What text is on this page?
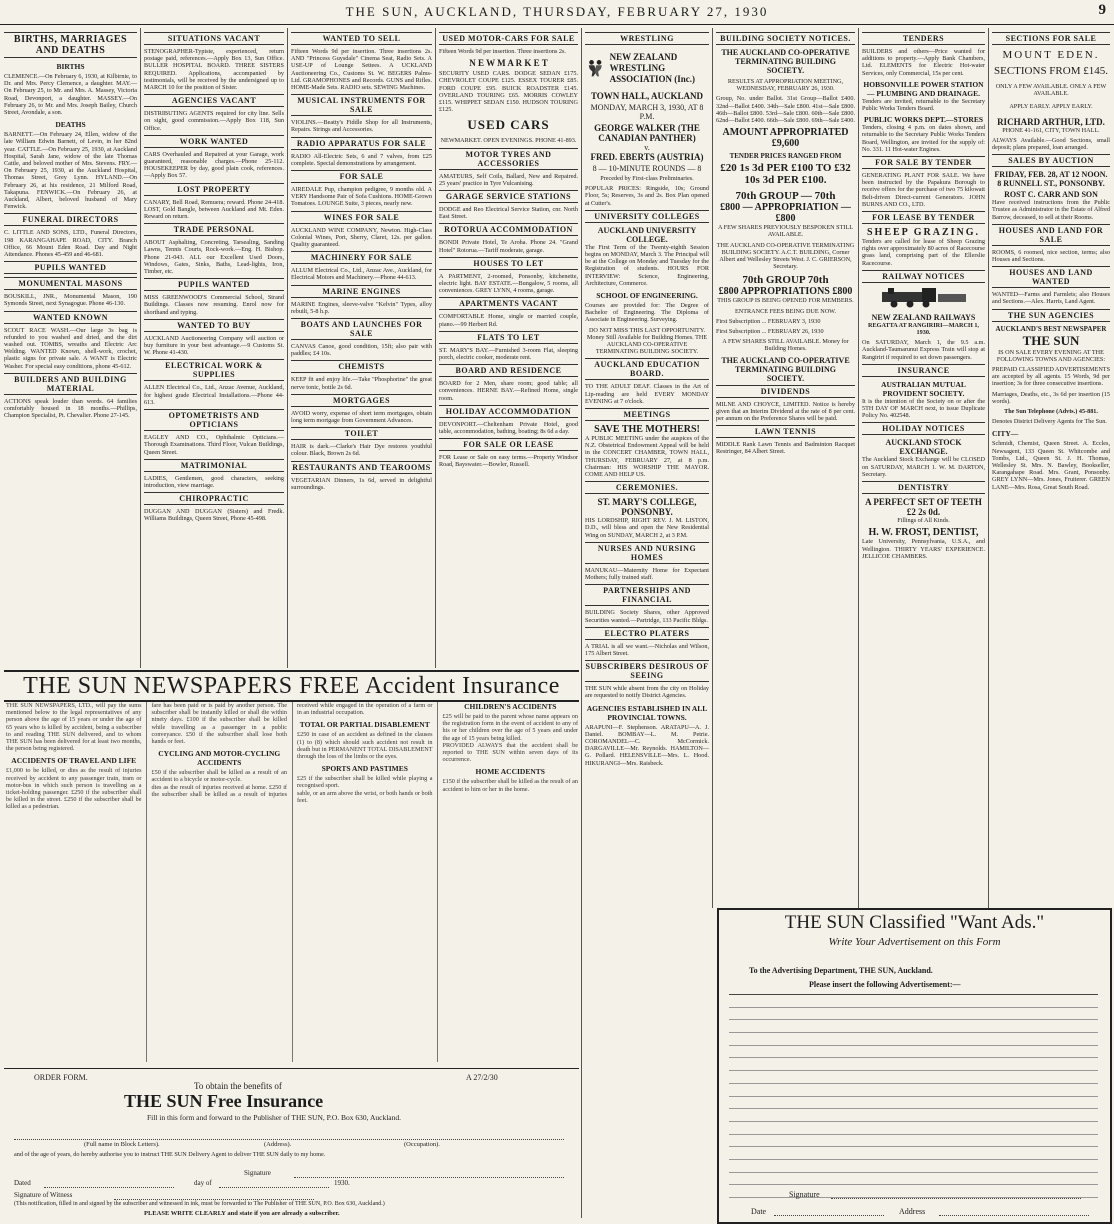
THE SUN, AUCKLAND, THURSDAY, FEBRUARY 27, 1930	9
BIRTHS, MARRIAGES AND DEATHS
BIRTHS
CLEMENCE.—On February 6, 1930, at Kilbirnie, to Dr. and Mrs. Percy Clemence, a daughter. MAY.—On February 25, to Mr. and Mrs. A. Massey, Victoria Road, Devonport, a daughter. MASSEY.—On February 26, to Mr. and Mrs. Joseph Bailey, Church Street, Avondale, a son.
DEATHS
BARNETT.—On February 24, Ellen, widow of the late William Edwin Barnett, of Levin, in her 82nd year. CATTLE.—On February 25, 1930, at Auckland Hospital, Sarah Jane, widow of the late Thomas Cattle, and beloved mother of Mrs. Stevens. FRY.—On February 25, 1930, at the Auckland Hospital, Thomas Street, Grey Lynn. HYLAND.—On February 26, at his residence, 21 Milford Road, Takapuna. FENWICK.—On February 26, at Auckland, Albert, beloved husband of Mary Fenwick.
FUNERAL DIRECTORS
C. LITTLE AND SONS, LTD., Funeral Directors, 198 KARANGAHAPE ROAD, CITY. Branch Office, 66 Mount Eden Road. Day and Night Attendance. Phones 45-459 and 46-681.
PUPILS WANTED
MONUMENTAL MASONS
BOUSKILL, JNR., Monumental Mason, 190 Symonds Street, next Synagogue. Phone 46-130.
WANTED KNOWN
SCOUT RACE WASH.—Our large 3s bag is refunded to you washed and dried, and the dirt washed out. TOMBS, wreaths and Electric Arc Welding. WANTED Known, shell-work, crochet, plastic signs for private sale. A WANT is Electric Washer. For special easy conditions, phone 45-612.
BUILDERS AND BUILDING MATERIAL
ACTIONS speak louder than words. 64 families comfortably housed in 18 months.—Phillips, Champion Specialist, Pt. Chevalier. Phone 27-145.
SITUATIONS VACANT
STENOGRAPHER-Typiste, experienced, return postage paid, references.—Apply Box 13, Sun Office. BULLER HOSPITAL BOARD. THREE SISTERS REQUIRED. Applications, accompanied by testimonials, will be received by the undersigned up to MARCH 10 for the position of Sister.
AGENCIES VACANT
DISTRIBUTING AGENTS required for city line. Sells on sight, good commission.—Apply Box 118, Sun Office.
WORK WANTED
CARS Overhauled and Repaired at your Garage, work guaranteed, reasonable charges.—Phone 25-112. HOUSEKEEPER by day, good plain cook, references.—Apply Box 57.
LOST PROPERTY
CANARY, Bell Road, Remuera; reward. Phone 24-418. LOST, Gold Bangle, between Auckland and Mt. Eden. Reward on return.
TRADE PERSONAL
ABOUT Asphalting, Concreting, Tarsealing, Sanding Lawns, Tennis Courts, Rock-work.—Eng. H. Bishop. Phone 21-043. ALL our Excellent Used Doors, Windows, Gates, Sinks, Baths, Lead-lights, Iron, Timber, etc.
PUPILS WANTED
MISS GREENWOOD'S Commercial School, Strand Buildings. Classes now resuming. Enrol now for shorthand and typing.
WANTED TO BUY
AUCKLAND Auctioneering Company will auction or buy furniture in your best advantage.—9 Customs St. W. Phone 41-430.
ELECTRICAL WORK & SUPPLIES
ALLEN Electrical Co., Ltd., Anzac Avenue, Auckland, for highest grade Electrical Installations.—Phone 44-613.
OPTOMETRISTS AND OPTICIANS
EAGLEY AND CO., Ophthalmic Opticians.—Thorough Examinations. Third Floor, Vulcan Buildings, Queen Street.
MATRIMONIAL
LADIES, Gentlemen, good characters, seeking introduction, view marriage.
CHIROPRACTIC
DUGGAN AND DUGGAN (Sisters) and Fredk. Williams Buildings, Queen Street, Phone 45-498.
WANTED TO SELL
Fifteen Words 9d per insertion. Three insertions 2s. AND "Princess Guysdale" Cinema Seat, Radio Sets. A USE-UP of Lounge Settees. A UCKLAND Auctioneering Co., Customs St. W. BEGERS Palms-Ltd. GRAMOPHONES and Records. GUNS and Rifles. HOME-Made Sets. RADIO sets. SEWING Machines.
MUSICAL INSTRUMENTS FOR SALE
VIOLINS.—Beatty's Fiddle Shop for all Instruments, Repairs. Strings and Accessories.
RADIO APPARATUS FOR SALE
RADIO All-Electric Sets, 6 and 7 valves, from £25 complete. Special demonstrations by arrangement.
FOR SALE
AIREDALE Pup, champion pedigree, 9 months old. A VERY Handsome Pair of Sofa Cushions. HOME-Grown Tomatoes. LOUNGE Suite, 3 pieces, nearly new.
WINES FOR SALE
AUCKLAND WINE COMPANY, Newton. High-Class Colonial Wines, Port, Sherry, Claret, 12s. per gallon. Quality guaranteed.
MACHINERY FOR SALE
ALLUM Electrical Co., Ltd., Anzac Ave., Auckland, for Electrical Motors and Machinery.—Phone 44-613.
MARINE ENGINES
MARINE Engines, sleeve-valve "Kelvin" Types, alloy rebuilt, 5-8 h.p.
BOATS AND LAUNCHES FOR SALE
CANVAS Canoe, good condition, 15ft; also pair with paddles; £4 10s.
CHEMISTS
KEEP fit and enjoy life.—Take "Phosphorine" the great nerve tonic, bottle 2s 6d.
MORTGAGES
AVOID worry, expense of short term mortgages, obtain long term mortgage from Government Advances.
TOILET
HAIR is dark.—Clarke's Hair Dye restores youthful colour. Black, Brown 2s 6d.
RESTAURANTS AND TEAROOMS
VEGETARIAN Dinners, 1s 6d, served in delightful surroundings.
USED MOTOR-CARS FOR SALE
Fifteen Words 9d per insertion. Three insertions 2s.
N E W M A R K E T
SECURITY USED CARS. DODGE SEDAN £175. CHEVROLET COUPE £125. ESSEX TOURER £85. FORD COUPE £95. BUICK ROADSTER £145. OVERLAND TOURING £65. MORRIS COWLEY £115. WHIPPET SEDAN £150. HUDSON TOURING £125.
USED CARS
NEWMARKET. OPEN EVENINGS. PHONE 41-893.
MOTOR TYRES AND ACCESSORIES
AMATEURS, Self Coils, Ballard, New and Repaired. 25 years' practice in Tyre Vulcanising.
GARAGE SERVICE STATIONS
DODGE and Reo Electrical Service Station, cnr. North East Street.
ROTORUA ACCOMMODATION
BONDI Private Hotel, Te Aroha. Phone 24. "Grand Hotel" Rotorua.—Tariff moderate, garage.
HOUSES TO LET
A PARTMENT, 2-roomed, Ponsonby, kitchenette, electric light. BAY ESTATE.—Bungalow, 5 rooms, all conveniences. GREY LYNN, 4 rooms, garage.
APARTMENTS VACANT
COMFORTABLE Home, single or married couple, piano.—99 Herbert Rd.
FLATS TO LET
ST. MARY'S BAY.—Furnished 3-room Flat, sleeping porch, electric cooker, moderate rent.
BOARD AND RESIDENCE
BOARD for 2 Men, share room; good table; all conveniences. HERNE BAY.—Refined Home, single room.
HOLIDAY ACCOMMODATION
DEVONPORT.—Cheltenham Private Hotel, good table, accommodation, bathing, boating; 8s 6d a day.
FOR SALE OR LEASE
FOR Lease or Sale on easy terms.—Property Windsor Road, Bayswater.—Bowler, Russell.
WRESTLING
NEW ZEALAND WRESTLING ASSOCIATION (Inc.)
TOWN HALL, AUCKLAND
MONDAY, MARCH 3, 1930, AT 8 P.M.
GEORGE WALKER (THE CANADIAN PANTHER)
v.
FRED. EBERTS (AUSTRIA)
8 — 10-MINUTE ROUNDS — 8
Preceded by First-class Preliminaries.
POPULAR PRICES: Ringside, 10s; Ground Floor, 5s; Reserves, 3s and 2s. Box Plan opened at Cutter's.
UNIVERSITY COLLEGES
AUCKLAND UNIVERSITY COLLEGE.
The First Term of the Twenty-eighth Session begins on MONDAY, March 3. The Principal will be at the College on Monday and Tuesday for the Registration of students. HOURS FOR INTERVIEW: Science, Engineering, Architecture, Commerce.
SCHOOL OF ENGINEERING.
Courses are provided for: The Degree of Bachelor of Engineering. The Diploma of Associate in Engineering. Surveying.
DO NOT MISS THIS LAST OPPORTUNITY. Money Still Available for Building Homes. THE AUCKLAND CO-OPERATIVE TERMINATING BUILDING SOCIETY.
AUCKLAND EDUCATION BOARD.
TO THE ADULT DEAF. Classes in the Art of Lip-reading are held EVERY MONDAY EVENING at 7 o'clock.
MEETINGS
SAVE THE MOTHERS!
A PUBLIC MEETING under the auspices of the N.Z. Obstetrical Endowment Appeal will be held in the CONCERT CHAMBER, TOWN HALL, THURSDAY, FEBRUARY 27, at 8 p.m. Chairman: HIS WORSHIP THE MAYOR. COME AND HELP US.
CEREMONIES.
ST. MARY'S COLLEGE, PONSONBY.
HIS LORDSHIP, RIGHT REV. J. M. LISTON, D.D., will bless and open the New Residential Wing on SUNDAY, MARCH 2, at 3 P.M.
NURSES AND NURSING HOMES
MANUKAU—Maternity Home for Expectant Mothers; fully trained staff.
PARTNERSHIPS AND FINANCIAL
BUILDING Society Shares, other Approved Securities wanted.—Partridge, 133 Pacific Bldgs.
ELECTRO PLATERS
A TRIAL is all we want.—Nicholas and Wilson, 175 Albert Street.
SUBSCRIBERS DESIROUS OF SEEING
THE SUN while absent from the city on Holiday are requested to notify District Agencies.
AGENCIES ESTABLISHED IN ALL PROVINCIAL TOWNS.
ARAPUNI—F. Stephenson. ARATAPU—A. J. Daniel. BOMBAY—L. M. Petrie. COROMANDEL—C. McCormick. DARGAVILLE—Mr. Reynolds. HAMILTON—G. Pollard. HELENSVILLE—Mrs. L. Hood. HIKURANGI—Mrs. Raisbeck.
BUILDING SOCIETY NOTICES.
THE AUCKLAND CO-OPERATIVE TERMINATING BUILDING SOCIETY.
RESULTS AT APPROPRIATION MEETING, WEDNESDAY, FEBRUARY 26, 1930.
Group, No. under Ballot. 31st Group—Ballot £400. 32nd—Ballot £400. 34th—Sale £800. 41st—Sale £800. 46th—Ballot £800. 53rd—Sale £800. 60th—Sale £800. 62nd—Ballot £400. 66th—Sale £800. 69th—Sale £400.
AMOUNT APPROPRIATED £9,600
TENDER PRICES RANGED FROM
£20 1s 3d PER £100 TO £32 10s 3d PER £100.
70th GROUP — 70th
£800 — APPROPRIATION — £800
A FEW SHARES PREVIOUSLY BESPOKEN STILL AVAILABLE.
THE AUCKLAND CO-OPERATIVE TERMINATING BUILDING SOCIETY. A.C.T. BUILDING, Corner Albert and Wellesley Streets West. J. C. GRIERSON, Secretary.
70th GROUP 70th
£800 APPROPRIATIONS £800
THIS GROUP IS BEING OPENED FOR MEMBERS.
ENTRANCE FEES BEING DUE NOW.
First Subscription ... FEBRUARY 3, 1930
First Subscription ... FEBRUARY 26, 1930
A FEW SHARES STILL AVAILABLE. Money for Building Homes.
THE AUCKLAND CO-OPERATIVE TERMINATING BUILDING SOCIETY.
DIVIDENDS
MILNE AND CHOYCE, LIMITED. Notice is hereby given that an Interim Dividend at the rate of 8 per cent. per annum on the Preference Shares will be paid.
LAWN TENNIS
MIDDLE Rank Lawn Tennis and Badminton Racquet Restringer, 84 Albert Street.
TENDERS
BUILDERS and others—Price wanted for additions to property.—Apply Bank Chambers, Ltd. ELEMENTS for Electric Hot-water Services, only Commercial, 15s per cent.
HOBSONVILLE POWER STATION— PLUMBING AND DRAINAGE.
Tenders are invited, returnable to the Secretary Public Works Tenders Board.
PUBLIC WORKS DEPT.—STORES
Tenders, closing 4 p.m. on dates shown, and returnable to the Secretary Public Works Tenders Board, Wellington, are invited for the supply of: No. 331. 11 Hot-water Engines.
FOR SALE BY TENDER
GENERATING PLANT FOR SALE. We have been instructed by the Papakura Borough to receive offers for the purchase of two 75 kilowatt Belt-driven Direct-current Generators. JOHN BURNS AND CO., LTD.
FOR LEASE BY TENDER
SHEEP GRAZING.
Tenders are called for lease of Sheep Grazing rights over approximately 80 acres of Racecourse grass land, comprising part of the Ellerslie Racecourse.
RAILWAY NOTICES
NEW ZEALAND RAILWAYS
REGATTA AT RANGIRIRI—MARCH 1, 1930.
On SATURDAY, March 1, the 9.5 a.m. Auckland-Taumarunui Express Train will stop at Rangiriri if required to set down passengers.
INSURANCE
AUSTRALIAN MUTUAL PROVIDENT SOCIETY.
It is the intention of the Society on or after the 5TH DAY OF MARCH next, to issue Duplicate Policy No. 402548.
HOLIDAY NOTICES
AUCKLAND STOCK EXCHANGE.
The Auckland Stock Exchange will be CLOSED on SATURDAY, MARCH 1. W. M. DARTON, Secretary.
DENTISTRY
A PERFECT SET OF TEETH £2 2s 0d.
Fillings of All Kinds.
H. W. FROST, DENTIST,
Late University, Pennsylvania, U.S.A., and Wellington. THIRTY YEARS' EXPERIENCE. JELLICOE CHAMBERS.
SECTIONS FOR SALE
MOUNT EDEN.
SECTIONS FROM £145.
ONLY A FEW AVAILABLE. ONLY A FEW AVAILABLE.
APPLY EARLY. APPLY EARLY.
RICHARD ARTHUR, LTD.
PHONE 41-161, CITY, TOWN HALL.
ALWAYS Available.—Good Sections, small deposit; plans prepared, loan arranged.
SALES BY AUCTION
FRIDAY, FEB. 28, AT 12 NOON.
8 RUNNELL ST., PONSONBY.
ROST C. CARR AND SON
Have received instructions from the Public Trustee as Administrator in the Estate of Alfred Barrow, deceased, to sell at their Rooms.
HOUSES AND LAND FOR SALE
ROOMS, 6 roomed, nice section, terms; also Houses and Sections.
HOUSES AND LAND WANTED
WANTED—Farms and Farmlets; also Houses and Sections.—Alex. Harris, Land Agent.
THE SUN AGENCIES
AUCKLAND'S BEST NEWSPAPER
THE SUN
IS ON SALE EVERY EVENING AT THE FOLLOWING TOWNS AND AGENCIES:
PREPAID CLASSIFIED ADVERTISEMENTS are accepted by all agents. 15 Words, 9d per insertion; 3s for three consecutive insertions.
Marriages, Deaths, etc., 3s 6d per insertion (15 words).
The Sun Telephone (Advts.) 45-881.
Denotes District Delivery Agents for The Sun.
CITY—
Schmidt, Chemist, Queen Street. A. Eccles, Newsagent, 133 Queen St. Whitcombe and Tombs, Ltd., Queen St. J. H. Thomas, Wellesley St. Mrs. N. Bawley, Bookseller, Karangahape Road. Mrs. Grant, Ponsonby. GREY LYNN—Mrs. Jones, Fruiterer. GREEN LANE—Mrs. Rosa, Great South Road.
THE SUN NEWSPAPERS FREE Accident Insurance
THE SUN NEWSPAPERS, LTD., will pay the sums mentioned below to the legal representatives of any person above the age of 15 years or under the age of 65 years who is killed by accident, being a subscriber to and reading THE SUN delivered, and to whom THE SUN has been delivered for at least two months, the person being registered.
ACCIDENTS OF TRAVEL AND LIFE
£1,000 to be killed, or dies as the result of injuries received by accident to any passenger train, tram or motor-bus in which such person is travelling as a ticket-holding passenger. £250 if the subscriber shall be killed in the street. £250 if the subscriber shall be killed as a pedestrian.
fare has been paid or is paid by another person. The subscriber shall be instantly killed or shall die within ninety days. £100 if the subscriber shall be killed while travelling as a passenger in a public conveyance. £50 if the subscriber shall lose both hands or feet.
CYCLING AND MOTOR-CYCLING ACCIDENTS
£50 if the subscriber shall be killed as a result of an accident to a bicycle or motor-cycle.
dies as the result of injuries received at home. £250 if the subscriber shall be killed as a result of injuries received while engaged in the operation of a farm or in an industrial occupation.
TOTAL OR PARTIAL DISABLEMENT
£250 in case of an accident as defined in the clauses (1) to (8) which should such accident not result in death but in PERMANENT TOTAL DISABLEMENT through the loss of the limbs or the eyes.
SPORTS AND PASTIMES
£25 if the subscriber shall be killed while playing a recognised sport.
sable, or an arm above the wrist, or both hands or both feet.
CHILDREN'S ACCIDENTS
£25 will be paid to the parent whose name appears on the registration form in the event of accident to any of his or her children over the age of 5 years and under the age of 15 years being killed.
PROVIDED ALWAYS that the accident shall be reported to THE SUN within seven days of its occurrence.
HOME ACCIDENTS
£150 if the subscriber shall be killed as the result of an accident to him or her in the home.
ORDER FORM.	A 27/2/30
To obtain the benefits of
THE SUN Free Insurance
Fill in this form and forward to the Publisher of THE SUN, P.O. Box 630, Auckland.
(Full name in Block Letters).	(Address).	(Occupation).
and of the age of years, do hereby authorise you to instruct THE SUN Delivery Agent to deliver THE SUN daily to my home.
Signature
Dated	day of	1930.
Signature of Witness
(This notification, filled in and signed by the subscriber and witnessed in ink, must be forwarded to The Publisher of THE SUN, P.O. Box 630, Auckland.)
PLEASE WRITE CLEARLY and state if you are already a subscriber.
THE SUN Classified "Want Ads."
Write Your Advertisement on this Form
To the Advertising Department, THE SUN, Auckland.
Please insert the following Advertisement:—
Signature
Date	Address
